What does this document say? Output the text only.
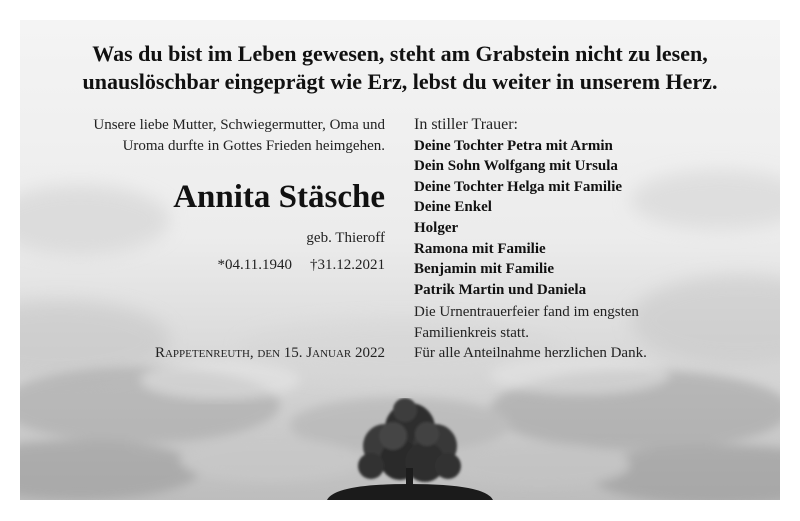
Was du bist im Leben gewesen, steht am Grabstein nicht zu lesen,
unauslöschbar eingeprägt wie Erz, lebst du weiter in unserem Herz.
Unsere liebe Mutter, Schwiegermutter, Oma und
Uroma durfte in Gottes Frieden heimgehen.
Annita Stäsche
geb. Thieroff
*04.11.1940 †31.12.2021
Rappetenreuth, den 15. Januar 2022
In stiller Trauer:
Deine Tochter Petra mit Armin
Dein Sohn Wolfgang mit Ursula
Deine Tochter Helga mit Familie
Deine Enkel
Holger
Ramona mit Familie
Benjamin mit Familie
Patrik Martin und Daniela
Die Urnentrauerfeier fand im engsten
Familienkreis statt.
Für alle Anteilnahme herzlichen Dank.
